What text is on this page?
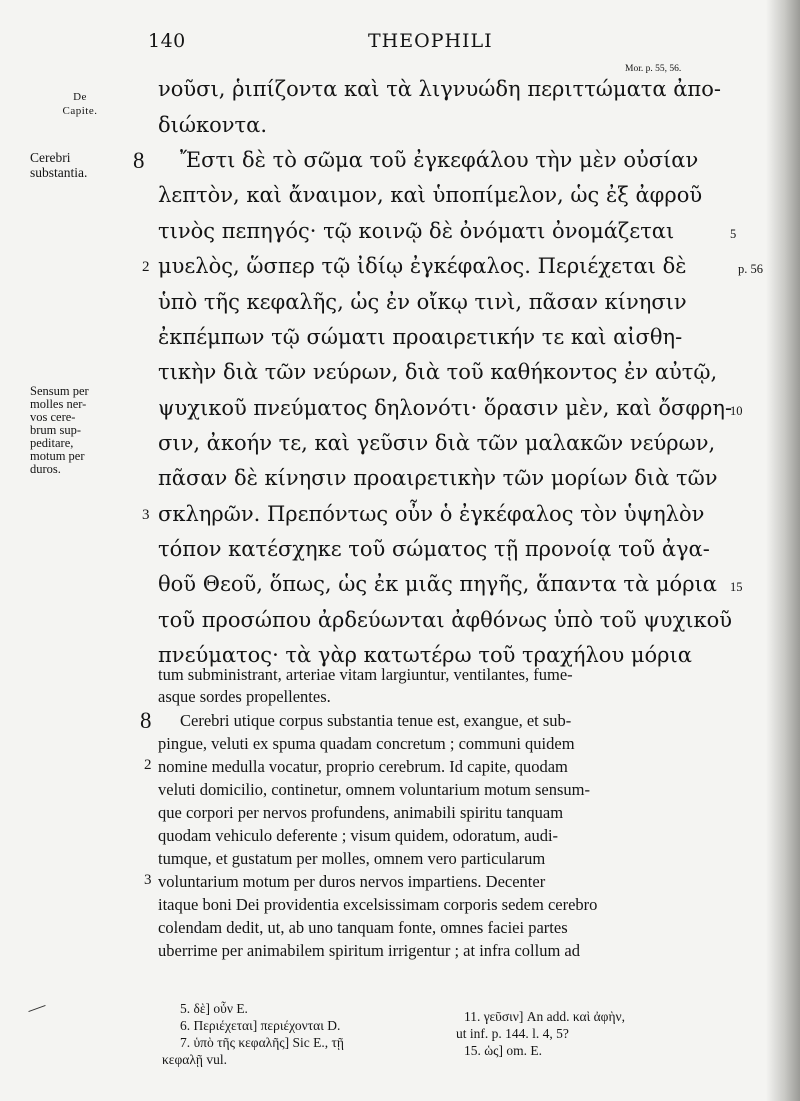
140	THEOPHILI
Mor. p. 55, 56.
De
Capite.
Cerebri
substantia.
Sensum per
molles ner-
vos cere-
brum sup-
peditare,
motum per
duros.
νοῦσι, ῥιπίζοντα καὶ τὰ λιγνυώδη περιττώματα ἀπο-
διώκοντα.
Ἔστι δὲ τὸ σῶμα τοῦ ἐγκεφάλου τὴν μὲν οὐσίαν
λεπτὸν, καὶ ἄναιμον, καὶ ὑποπίμελον, ὡς ἐξ ἀφροῦ
τινὸς πεπηγός· τῷ κοινῷ δὲ ὀνόματι ὀνομάζεται
μυελὸς, ὥσπερ τῷ ἰδίῳ ἐγκέφαλος. Περιέχεται δὲ
ὑπὸ τῆς κεφαλῆς, ὡς ἐν οἴκῳ τινὶ, πᾶσαν κίνησιν
ἐκπέμπων τῷ σώματι προαιρετικήν τε καὶ αἰσθη-
τικὴν διὰ τῶν νεύρων, διὰ τοῦ καθήκοντος ἐν αὐτῷ,
ψυχικοῦ πνεύματος δηλονότι· ὅρασιν μὲν, καὶ ὄσφρη-
σιν, ἀκοήν τε, καὶ γεῦσιν διὰ τῶν μαλακῶν νεύρων,
πᾶσαν δὲ κίνησιν προαιρετικὴν τῶν μορίων διὰ τῶν
σκληρῶν. Πρεπόντως οὖν ὁ ἐγκέφαλος τὸν ὑψηλὸν
τόπον κατέσχηκε τοῦ σώματος τῇ προνοίᾳ τοῦ ἀγα-
θοῦ Θεοῦ, ὅπως, ὡς ἐκ μιᾶς πηγῆς, ἅπαντα τὰ μόρια
τοῦ προσώπου ἀρδεύωνται ἀφθόνως ὑπὸ τοῦ ψυχικοῦ
πνεύματος· τὰ γὰρ κατωτέρω τοῦ τραχήλου μόρια
8
2
3
5
p. 56
10
15
tum subministrant, arteriae vitam largiuntur, ventilantes, fume-
asque sordes propellentes.
Cerebri utique corpus substantia tenue est, exangue, et sub-
pingue, veluti ex spuma quadam concretum ; communi quidem
nomine medulla vocatur, proprio cerebrum. Id capite, quodam
veluti domicilio, continetur, omnem voluntarium motum sensum-
que corpori per nervos profundens, animabili spiritu tanquam
quodam vehiculo deferente ; visum quidem, odoratum, audi-
tumque, et gustatum per molles, omnem vero particularum
voluntarium motum per duros nervos impartiens. Decenter
itaque boni Dei providentia excelsissimam corporis sedem cerebro
colendam dedit, ut, ab uno tanquam fonte, omnes faciei partes
uberrime per animabilem spiritum irrigentur ; at infra collum ad
8
2
3
5. δὲ] οὖν E.
6. Περιέχεται] περιέχονται D.
7. ὑπὸ τῆς κεφαλῆς] Sic E., τῇ
κεφαλῇ vul.
11. γεῦσιν] An add. καὶ ἀφὴν,
ut inf. p. 144. l. 4, 5?
15. ὡς] om. E.
